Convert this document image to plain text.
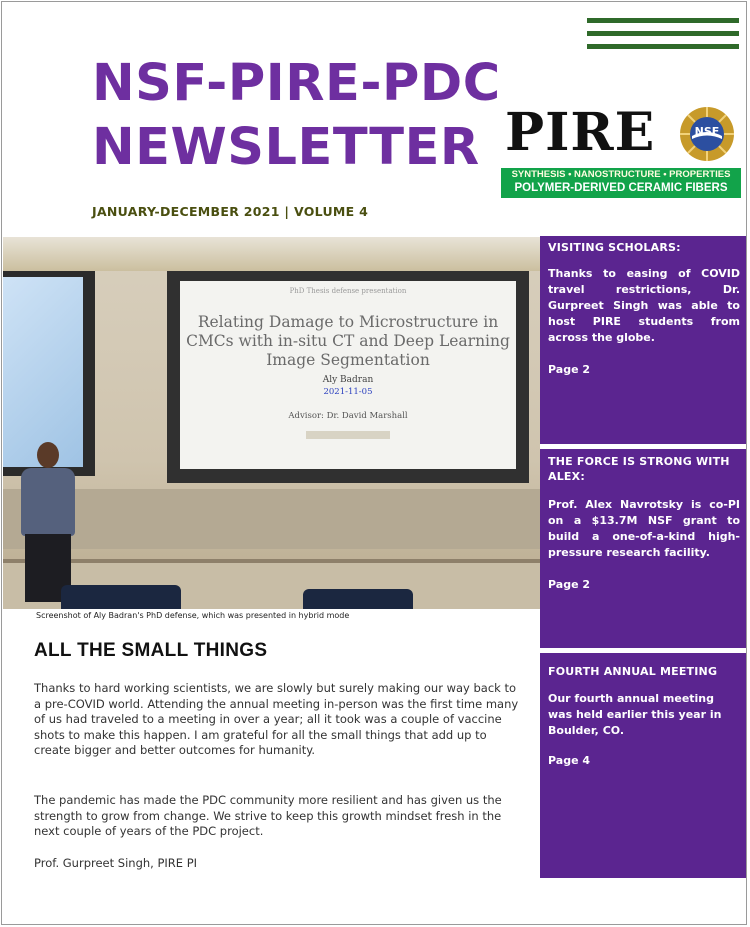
NSF-PIRE-PDC
NEWSLETTER

JANUARY-DECEMBER 2021 | VOLUME 4

PIRE	NSF
SYNTHESIS • NANOSTRUCTURE • PROPERTIES
POLYMER-DERIVED CERAMIC FIBERS
PhD Thesis defense presentation
Relating Damage to Microstructure in CMCs with in-situ CT and Deep Learning Image Segmentation
Aly Badran
2021-11-05
Advisor: Dr. David Marshall

Screenshot of Aly Badran's PhD defense, which was presented in hybrid mode

ALL THE SMALL THINGS

Thanks to hard working scientists, we are slowly but surely making our way back to a pre-COVID world. Attending the annual meeting in-person was the first time many of us had traveled to a meeting in over a year; all it took was a couple of vaccine shots to make this happen. I am grateful for all the small things that add up to create bigger and better outcomes for humanity.

The pandemic has made the PDC community more resilient and has given us the strength to grow from change. We strive to keep this growth mindset fresh in the next couple of years of the PDC project.

Prof. Gurpreet Singh, PIRE PI

VISITING SCHOLARS:

Thanks to easing of COVID travel restrictions, Dr. Gurpreet Singh was able to host PIRE students from across the globe.

Page 2

THE FORCE IS STRONG WITH ALEX:

Prof. Alex Navrotsky is co-PI on a $13.7M NSF grant to build a one-of-a-kind high-pressure research facility.

Page 2

FOURTH ANNUAL MEETING

Our fourth annual meeting was held earlier this year in Boulder, CO.

Page 4
